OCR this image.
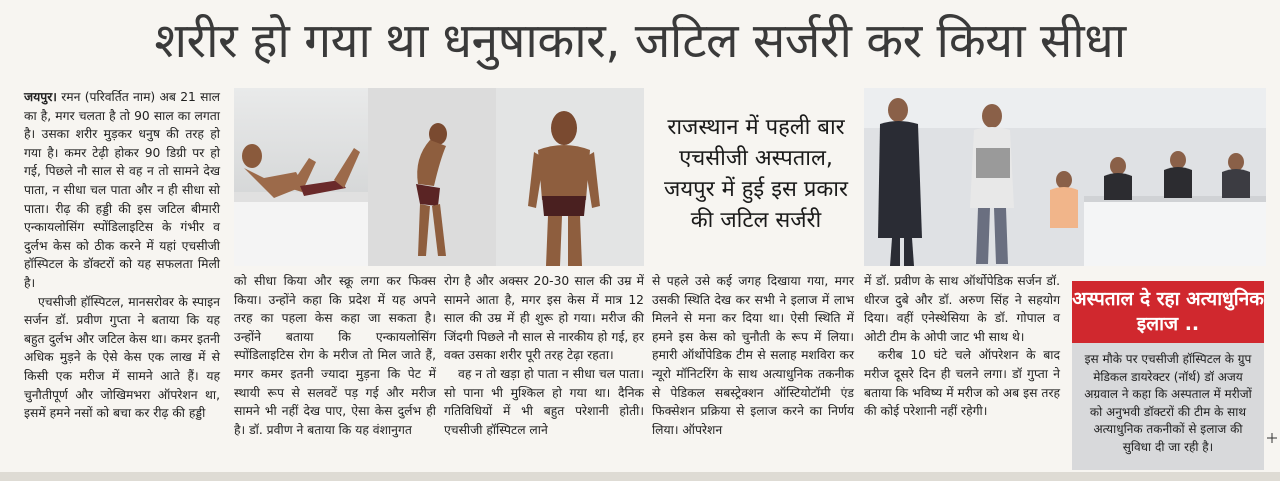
शरीर हो गया था धनुषाकार, जटिल सर्जरी कर किया सीधा

जयपुर। रमन (परिवर्तित नाम) अब 21 साल का है, मगर चलता है तो 90 साल का लगता है। उसका शरीर मुड़कर धनुष की तरह हो गया है। कमर टेढ़ी होकर 90 डिग्री पर हो गई, पिछले नौ साल से वह न तो सामने देख पाता, न सीधा चल पाता और न ही सीधा सो पाता। रीढ़ की हड्डी की इस जटिल बीमारी एन्कायलोसिंग स्पोंडिलाइटिस के गंभीर व दुर्लभ केस को ठीक करने में यहां एचसीजी हॉस्पिटल के डॉक्टरों को यह सफलता मिली है।

एचसीजी हॉस्पिटल, मानसरोवर के स्पाइन सर्जन डॉ. प्रवीण गुप्ता ने बताया कि यह बहुत दुर्लभ और जटिल केस था। कमर इतनी अधिक मुड़ने के ऐसे केस एक लाख में से किसी एक मरीज में सामने आते हैं। यह चुनौतीपूर्ण और जोखिमभरा ऑपरेशन था, इसमें हमने नसों को बचा कर रीढ़ की हड्डी

राजस्थान में पहली बार एचसीजी अस्पताल, जयपुर में हुई इस प्रकार की जटिल सर्जरी

को सीधा किया और स्क्रू लगा कर फिक्स किया। उन्होंने कहा कि प्रदेश में यह अपने तरह का पहला केस कहा जा सकता है। उन्होंने बताया कि एन्कायलोसिंग स्पोंडिलाइटिस रोग के मरीज तो मिल जाते हैं, मगर कमर इतनी ज्यादा मुड़ना कि पेट में स्थायी रूप से सलवटें पड़ गई और मरीज सामने भी नहीं देख पाए, ऐसा केस दुर्लभ ही है। डॉ. प्रवीण ने बताया कि यह वंशानुगत

रोग है और अक्सर 20-30 साल की उम्र में सामने आता है, मगर इस केस में मात्र 12 साल की उम्र में ही शुरू हो गया। मरीज की जिंदगी पिछले नौ साल से नारकीय हो गई, हर वक्त उसका शरीर पूरी तरह टेढ़ा रहता।

वह न तो खड़ा हो पाता न सीधा चल पाता। सो पाना भी मुश्किल हो गया था। दैनिक गतिविधियों में भी बहुत परेशानी होती। एचसीजी हॉस्पिटल लाने

से पहले उसे कई जगह दिखाया गया, मगर उसकी स्थिति देख कर सभी ने इलाज में लाभ मिलने से मना कर दिया था। ऐसी स्थिति में हमने इस केस को चुनौती के रूप में लिया। हमारी ऑर्थोपेडिक टीम से सलाह मशविरा कर न्यूरो मॉनिटरिंग के साथ अत्याधुनिक तकनीक से पेडिकल सबस्ट्रेक्शन ऑस्टियोटॉमी एंड फिक्सेशन प्रक्रिया से इलाज करने का निर्णय लिया। ऑपरेशन

में डॉ. प्रवीण के साथ ऑर्थोपेडिक सर्जन डॉ. धीरज दुबे और डॉ. अरुण सिंह ने सहयोग दिया। वहीं एनेस्थेसिया के डॉ. गोपाल व ओटी टीम के ओपी जाट भी साथ थे।

करीब 10 घंटे चले ऑपरेशन के बाद मरीज दूसरे दिन ही चलने लगा। डॉ गुप्ता ने बताया कि भविष्य में मरीज को अब इस तरह की कोई परेशानी नहीं रहेगी।

अस्पताल दे रहा अत्याधुनिक इलाज ..
इस मौके पर एचसीजी हॉस्पिटल के ग्रुप मेडिकल डायरेक्टर (नॉर्थ) डॉ अजय अग्रवाल ने कहा कि अस्पताल में मरीजों को अनुभवी डॉक्टरों की टीम के साथ अत्याधुनिक तकनीकों से इलाज की सुविधा दी जा रही है।
